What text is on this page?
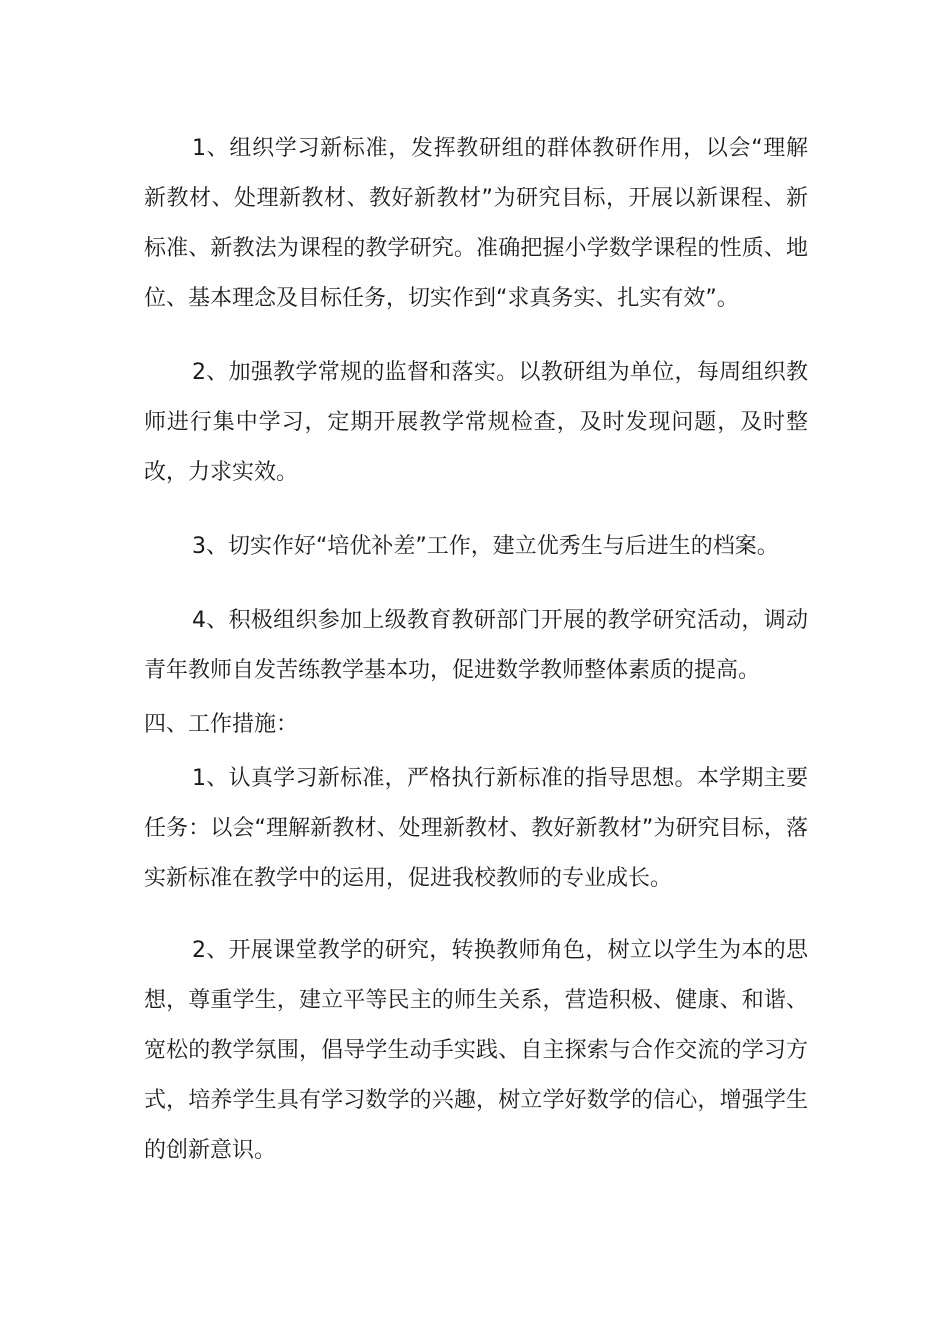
1、组织学习新标准，发挥教研组的群体教研作用，以会“理解新教材、处理新教材、教好新教材”为研究目标，开展以新课程、新标准、新教法为课程的教学研究。准确把握小学数学课程的性质、地位、基本理念及目标任务，切实作到“求真务实、扎实有效”。

2、加强教学常规的监督和落实。以教研组为单位，每周组织教师进行集中学习，定期开展教学常规检查，及时发现问题，及时整改，力求实效。

3、切实作好“培优补差”工作，建立优秀生与后进生的档案。

4、积极组织参加上级教育教研部门开展的教学研究活动，调动青年教师自发苦练教学基本功，促进数学教师整体素质的提高。

四、工作措施：

1、认真学习新标准，严格执行新标准的指导思想。本学期主要任务：以会“理解新教材、处理新教材、教好新教材”为研究目标，落实新标准在教学中的运用，促进我校教师的专业成长。

2、开展课堂教学的研究，转换教师角色，树立以学生为本的思想，尊重学生，建立平等民主的师生关系，营造积极、健康、和谐、宽松的教学氛围，倡导学生动手实践、自主探索与合作交流的学习方式，培养学生具有学习数学的兴趣，树立学好数学的信心，增强学生的创新意识。
